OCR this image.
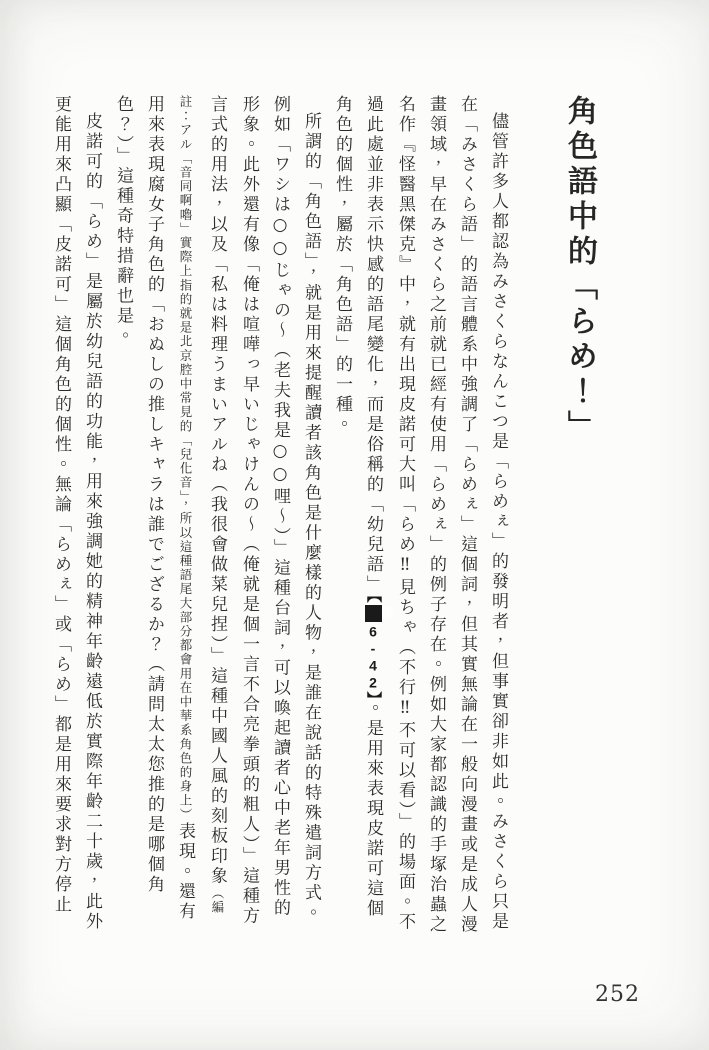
角色語中的「らめ！」

儘管許多人都認為みさくらなんこつ是「らめぇ」的發明者，但事實卻非如此。みさくら只是在「みさくら語」的語言體系中強調了「らめぇ」這個詞，但其實無論在一般向漫畫或是成人漫畫領域，早在みさくら之前就已經有使用「らめぇ」的例子存在。例如大家都認識的手塚治蟲之名作『怪醫黑傑克』中，就有出現皮諾可大叫「らめ‼見ちゃ（不行‼不可以看）」的場面。不過此處並非表示快感的語尾變化，而是俗稱的「幼兒語」【圖6-42】。是用來表現皮諾可這個角色的個性，屬於「角色語」的一種。

所謂的「角色語」，就是用來提醒讀者該角色是什麼樣的人物，是誰在說話的特殊遣詞方式。例如「ワシは○○じゃの～（老夫我是○○哩～）」這種台詞，可以喚起讀者心中老年男性的形象。此外還有像「俺は喧嘩っ早いじゃけんの～（俺就是個一言不合亮拳頭的粗人）」這種方言式的用法，以及「私は料理うまいアルね（我很會做菜兒捏）」這種中國人風的刻板印象（編註：アル「音同啊嚕」實際上指的就是北京腔中常見的「兒化音」，所以這種語尾大部分都會用在中華系角色的身上）表現。還有用來表現腐女子角色的「おぬしの推しキャラは誰でござるか？（請問太太您推的是哪個角色？）」這種奇特措辭也是。

皮諾可的「らめ」是屬於幼兒語的功能，用來強調她的精神年齡遠低於實際年齡二十歲，此外更能用來凸顯「皮諾可」這個角色的個性。無論「らめぇ」或「らめ」都是用來要求對方停止

252
